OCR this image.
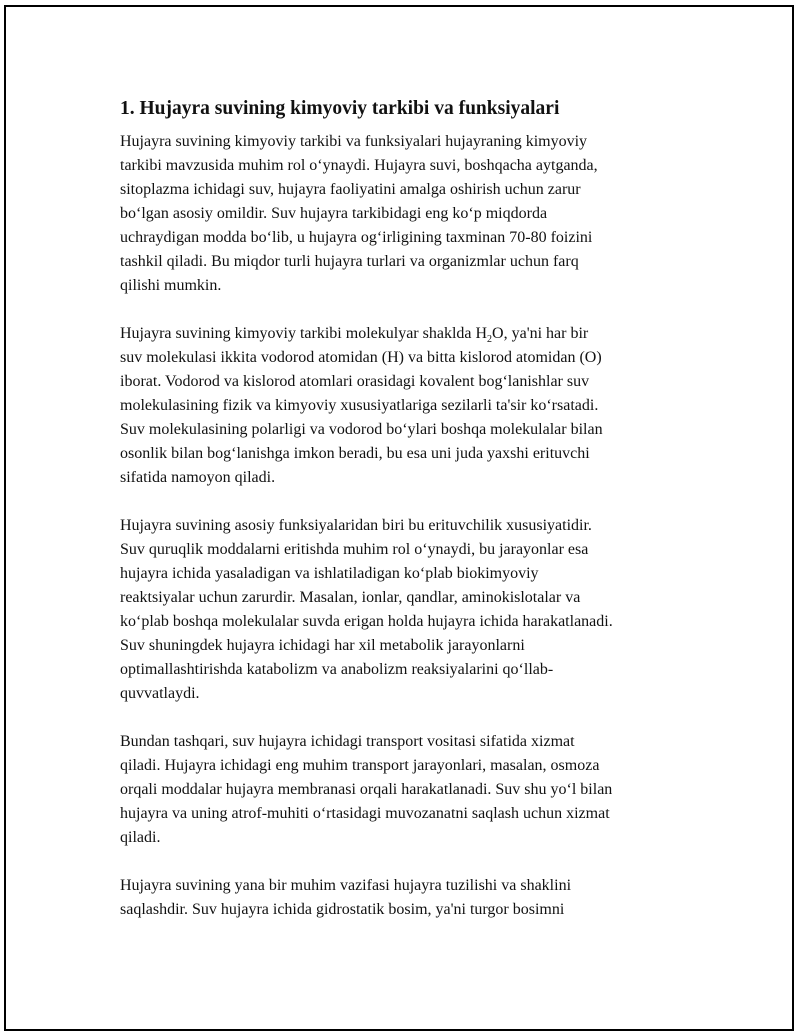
1. Hujayra suvining kimyoviy tarkibi va funksiyalari
Hujayra suvining kimyoviy tarkibi va funksiyalari hujayraning kimyoviy
tarkibi mavzusida muhim rol o‘ynaydi. Hujayra suvi, boshqacha aytganda,
sitoplazma ichidagi suv, hujayra faoliyatini amalga oshirish uchun zarur
bo‘lgan asosiy omildir. Suv hujayra tarkibidagi eng ko‘p miqdorda
uchraydigan modda bo‘lib, u hujayra og‘irligining taxminan 70-80 foizini
tashkil qiladi. Bu miqdor turli hujayra turlari va organizmlar uchun farq
qilishi mumkin.
Hujayra suvining kimyoviy tarkibi molekulyar shaklda $H_2O$, ya'ni har bir
suv molekulasi ikkita vodorod atomidan (H) va bitta kislorod atomidan (O)
iborat. Vodorod va kislorod atomlari orasidagi kovalent bog‘lanishlar suv
molekulasining fizik va kimyoviy xususiyatlariga sezilarli ta'sir ko‘rsatadi.
Suv molekulasining polarligi va vodorod bo‘ylari boshqa molekulalar bilan
osonlik bilan bog‘lanishga imkon beradi, bu esa uni juda yaxshi erituvchi
sifatida namoyon qiladi.
Hujayra suvining asosiy funksiyalaridan biri bu erituvchilik xususiyatidir.
Suv quruqlik moddalarni eritishda muhim rol o‘ynaydi, bu jarayonlar esa
hujayra ichida yasaladigan va ishlatiladigan ko‘plab biokimyoviy
reaktsiyalar uchun zarurdir. Masalan, ionlar, qandlar, aminokislotalar va
ko‘plab boshqa molekulalar suvda erigan holda hujayra ichida harakatlanadi.
Suv shuningdek hujayra ichidagi har xil metabolik jarayonlarni
optimallashtirishda katabolizm va anabolizm reaksiyalarini qo‘llab-
quvvatlaydi.
Bundan tashqari, suv hujayra ichidagi transport vositasi sifatida xizmat
qiladi. Hujayra ichidagi eng muhim transport jarayonlari, masalan, osmoza
orqali moddalar hujayra membranasi orqali harakatlanadi. Suv shu yo‘l bilan
hujayra va uning atrof-muhiti o‘rtasidagi muvozanatni saqlash uchun xizmat
qiladi.
Hujayra suvining yana bir muhim vazifasi hujayra tuzilishi va shaklini
saqlashdir. Suv hujayra ichida gidrostatik bosim, ya'ni turgor bosimni
